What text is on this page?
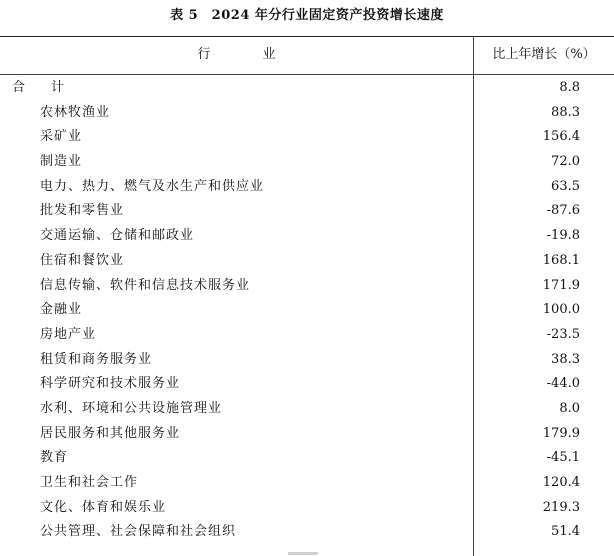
表 5　2024 年分行业固定资产投资增长速度
行　　　　业	比上年增长（%）
合　　计	8.8
农林牧渔业	88.3
采矿业	156.4
制造业	72.0
电力、热力、燃气及水生产和供应业	63.5
批发和零售业	-87.6
交通运输、仓储和邮政业	-19.8
住宿和餐饮业	168.1
信息传输、软件和信息技术服务业	171.9
金融业	100.0
房地产业	-23.5
租赁和商务服务业	38.3
科学研究和技术服务业	-44.0
水利、环境和公共设施管理业	8.0
居民服务和其他服务业	179.9
教育	-45.1
卫生和社会工作	120.4
文化、体育和娱乐业	219.3
公共管理、社会保障和社会组织	51.4
